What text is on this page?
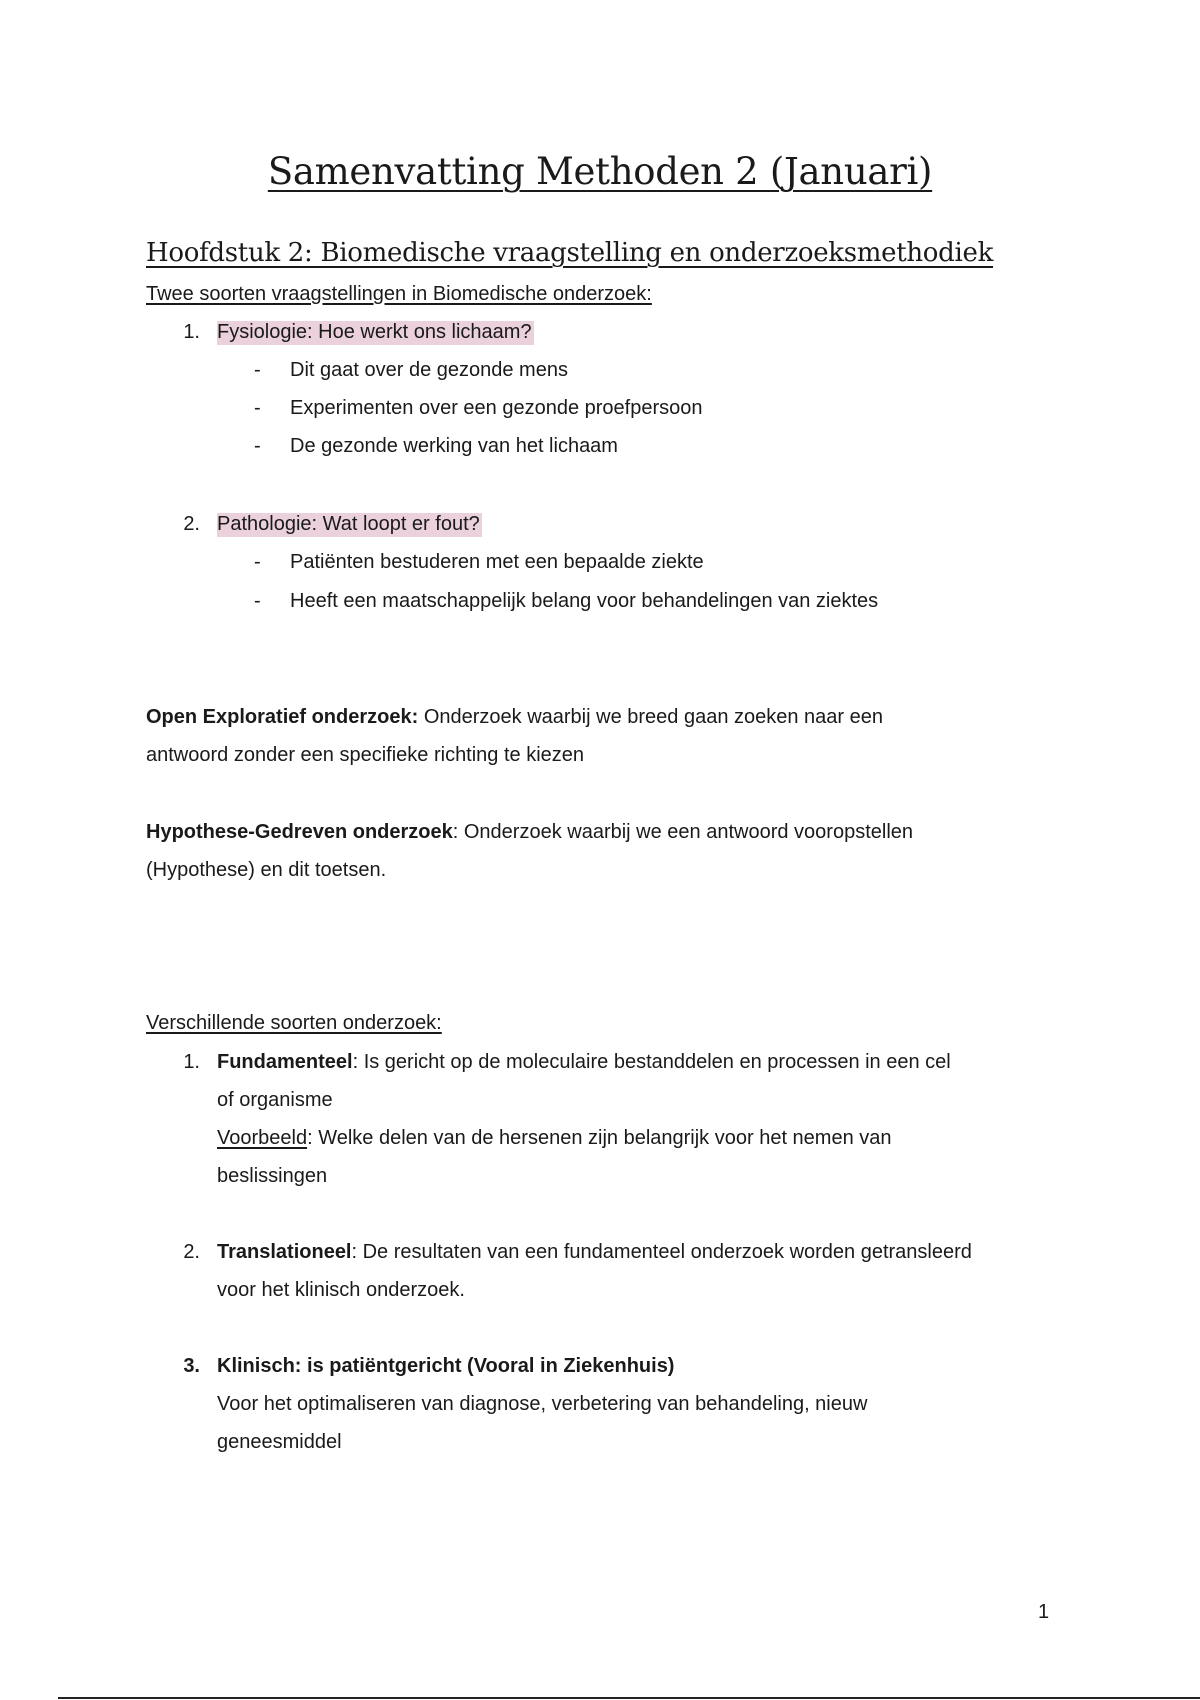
Samenvatting Methoden 2 (Januari)
Hoofdstuk 2: Biomedische vraagstelling en onderzoeksmethodiek
Twee soorten vraagstellingen in Biomedische onderzoek:
1. Fysiologie: Hoe werkt ons lichaam?
- Dit gaat over de gezonde mens
- Experimenten over een gezonde proefpersoon
- De gezonde werking van het lichaam
2. Pathologie: Wat loopt er fout?
- Patiënten bestuderen met een bepaalde ziekte
- Heeft een maatschappelijk belang voor behandelingen van ziektes
Open Exploratief onderzoek: Onderzoek waarbij we breed gaan zoeken naar een
antwoord zonder een specifieke richting te kiezen
Hypothese-Gedreven onderzoek: Onderzoek waarbij we een antwoord vooropstellen
(Hypothese) en dit toetsen.
Verschillende soorten onderzoek:
1. Fundamenteel: Is gericht op de moleculaire bestanddelen en processen in een cel
of organisme
Voorbeeld: Welke delen van de hersenen zijn belangrijk voor het nemen van
beslissingen
2. Translationeel: De resultaten van een fundamenteel onderzoek worden getransleerd
voor het klinisch onderzoek.
3. Klinisch: is patiëntgericht (Vooral in Ziekenhuis)
Voor het optimaliseren van diagnose, verbetering van behandeling, nieuw
geneesmiddel
1
